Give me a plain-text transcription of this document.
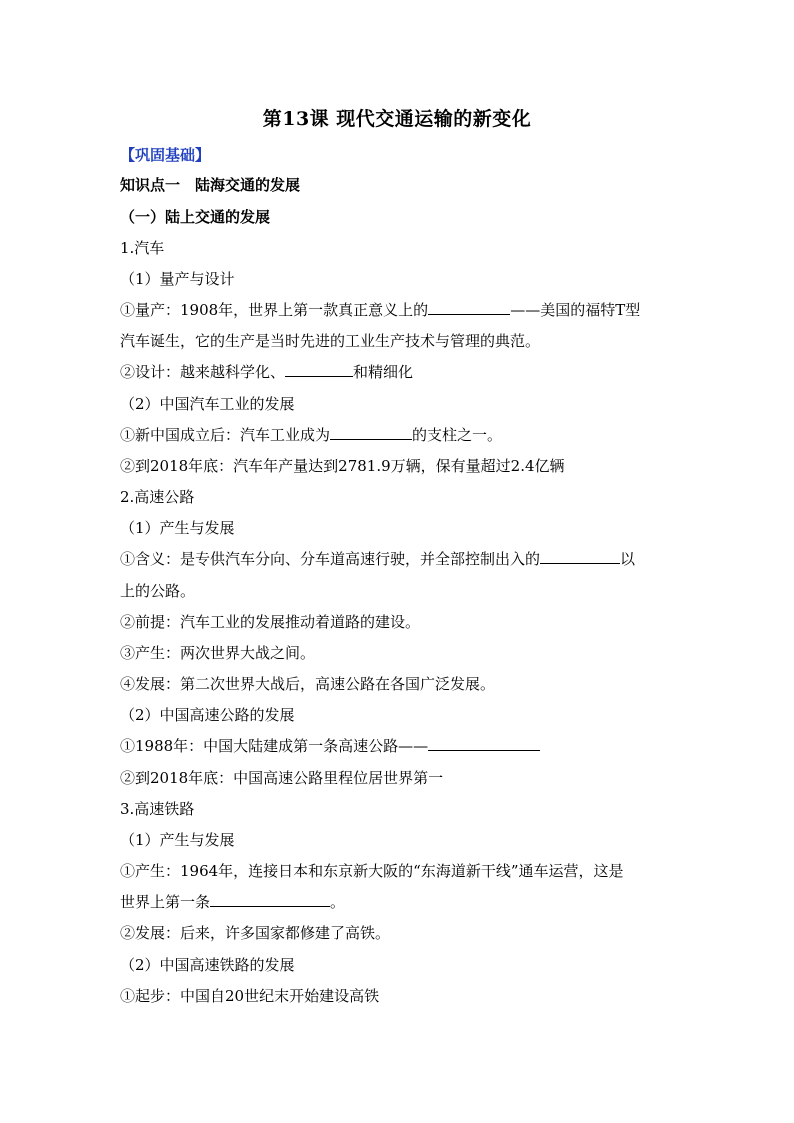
第13课 现代交通运输的新变化
【巩固基础】
知识点一　陆海交通的发展
（一）陆上交通的发展
1.汽车
（1）量产与设计
①量产：1908年，世界上第一款真正意义上的	——美国的福特T型
汽车诞生，它的生产是当时先进的工业生产技术与管理的典范。
②设计：越来越科学化、	和精细化
（2）中国汽车工业的发展
①新中国成立后：汽车工业成为	的支柱之一。
②到2018年底：汽车年产量达到2781.9万辆，保有量超过2.4亿辆
2.高速公路
（1）产生与发展
①含义：是专供汽车分向、分车道高速行驶，并全部控制出入的	以
上的公路。
②前提：汽车工业的发展推动着道路的建设。
③产生：两次世界大战之间。
④发展：第二次世界大战后，高速公路在各国广泛发展。
（2）中国高速公路的发展
①1988年：中国大陆建成第一条高速公路——
②到2018年底：中国高速公路里程位居世界第一
3.高速铁路
（1）产生与发展
①产生：1964年，连接日本和东京新大阪的“东海道新干线”通车运营，这是
世界上第一条	。
②发展：后来，许多国家都修建了高铁。
（2）中国高速铁路的发展
①起步：中国自20世纪末开始建设高铁
